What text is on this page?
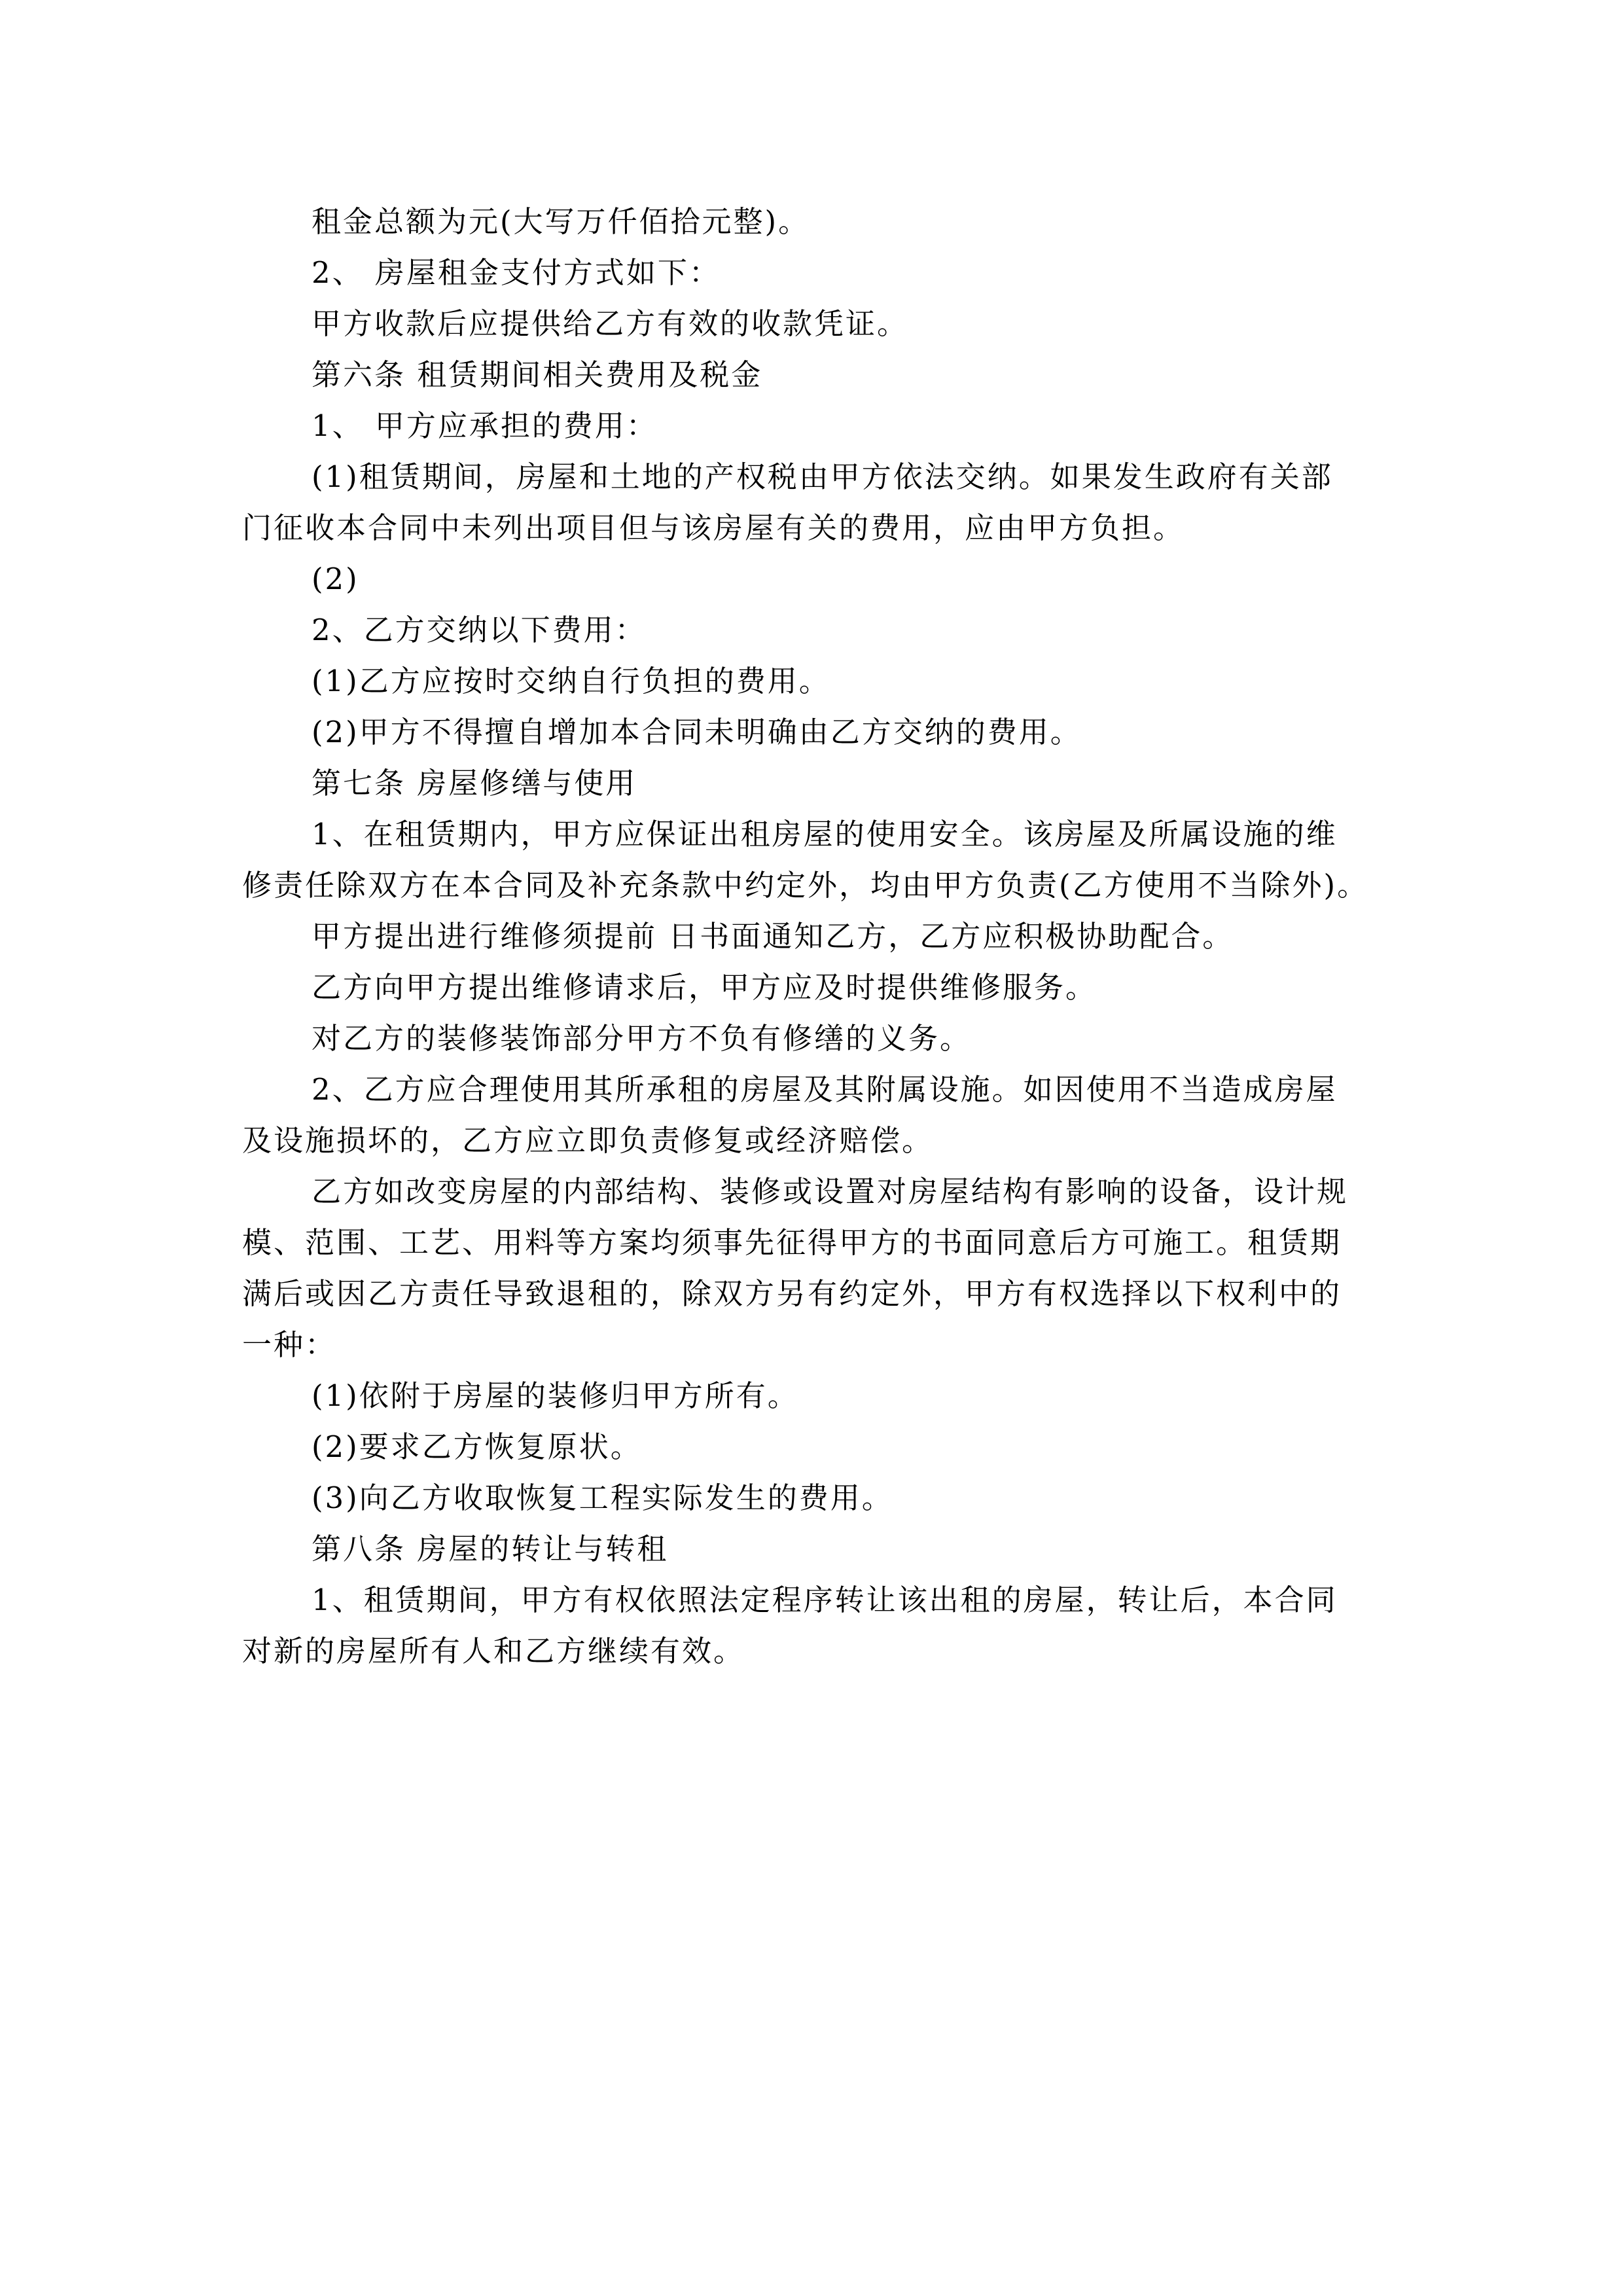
租金总额为元(大写万仟佰拾元整)。

2、 房屋租金支付方式如下：

甲方收款后应提供给乙方有效的收款凭证。

第六条 租赁期间相关费用及税金

1、 甲方应承担的费用：

(1)租赁期间，房屋和土地的产权税由甲方依法交纳。如果发生政府有关部

门征收本合同中未列出项目但与该房屋有关的费用，应由甲方负担。

(2)

2、乙方交纳以下费用：

(1)乙方应按时交纳自行负担的费用。

(2)甲方不得擅自增加本合同未明确由乙方交纳的费用。

第七条 房屋修缮与使用

1、在租赁期内，甲方应保证出租房屋的使用安全。该房屋及所属设施的维

修责任除双方在本合同及补充条款中约定外，均由甲方负责(乙方使用不当除外)。

甲方提出进行维修须提前 日书面通知乙方，乙方应积极协助配合。

乙方向甲方提出维修请求后，甲方应及时提供维修服务。

对乙方的装修装饰部分甲方不负有修缮的义务。

2、乙方应合理使用其所承租的房屋及其附属设施。如因使用不当造成房屋

及设施损坏的，乙方应立即负责修复或经济赔偿。

乙方如改变房屋的内部结构、装修或设置对房屋结构有影响的设备，设计规

模、范围、工艺、用料等方案均须事先征得甲方的书面同意后方可施工。租赁期

满后或因乙方责任导致退租的，除双方另有约定外，甲方有权选择以下权利中的

一种：

(1)依附于房屋的装修归甲方所有。

(2)要求乙方恢复原状。

(3)向乙方收取恢复工程实际发生的费用。

第八条 房屋的转让与转租

1、租赁期间，甲方有权依照法定程序转让该出租的房屋，转让后，本合同

对新的房屋所有人和乙方继续有效。
